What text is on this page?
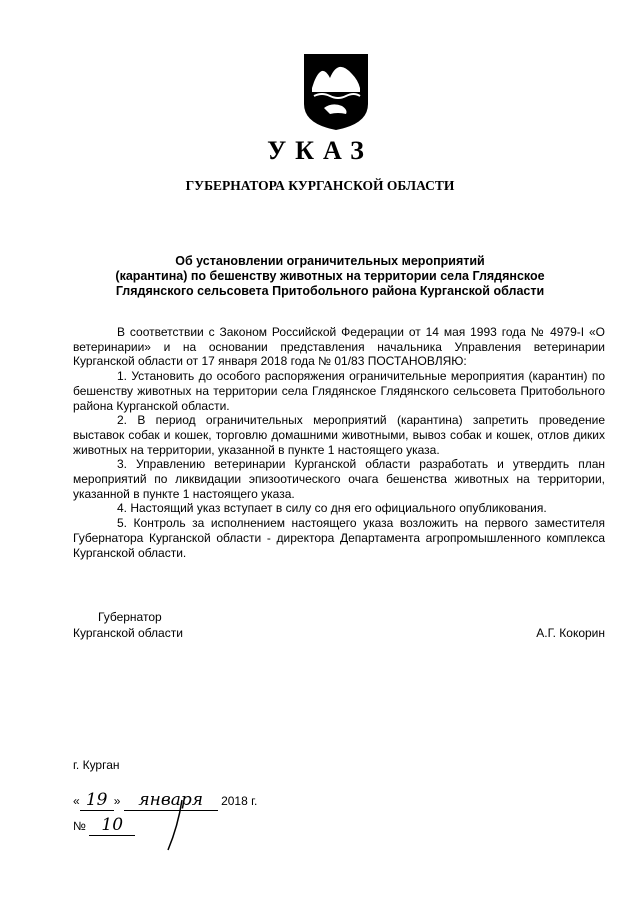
УКАЗ
ГУБЕРНАТОРА КУРГАНСКОЙ ОБЛАСТИ
Об установлении ограничительных мероприятий
(карантина) по бешенству животных на территории села Глядянское
Глядянского сельсовета Притобольного района Курганской области

В соответствии с Законом Российской Федерации от 14 мая 1993 года № 4979-I «О ветеринарии» и на основании представления начальника Управления ветеринарии Курганской области от 17 января 2018 года № 01/83 ПОСТАНОВЛЯЮ:

1. Установить до особого распоряжения ограничительные мероприятия (карантин) по бешенству животных на территории села Глядянское Глядянского сельсовета Притобольного района Курганской области.

2. В период ограничительных мероприятий (карантина) запретить проведение выставок собак и кошек, торговлю домашними животными, вывоз собак и кошек, отлов диких животных на территории, указанной в пункте 1 настоящего указа.

3. Управлению ветеринарии Курганской области разработать и утвердить план мероприятий по ликвидации эпизоотического очага бешенства животных на территории, указанной в пункте 1 настоящего указа.

4. Настоящий указ вступает в силу со дня его официального опубликования.

5. Контроль за исполнением настоящего указа возложить на первого заместителя Губернатора Курганской области - директора Департамента агропромышленного комплекса Курганской области.

Губернатор
Курганской области	А.Г. Кокорин
г. Курган
« 19 » января 2018 г.
№ 10
